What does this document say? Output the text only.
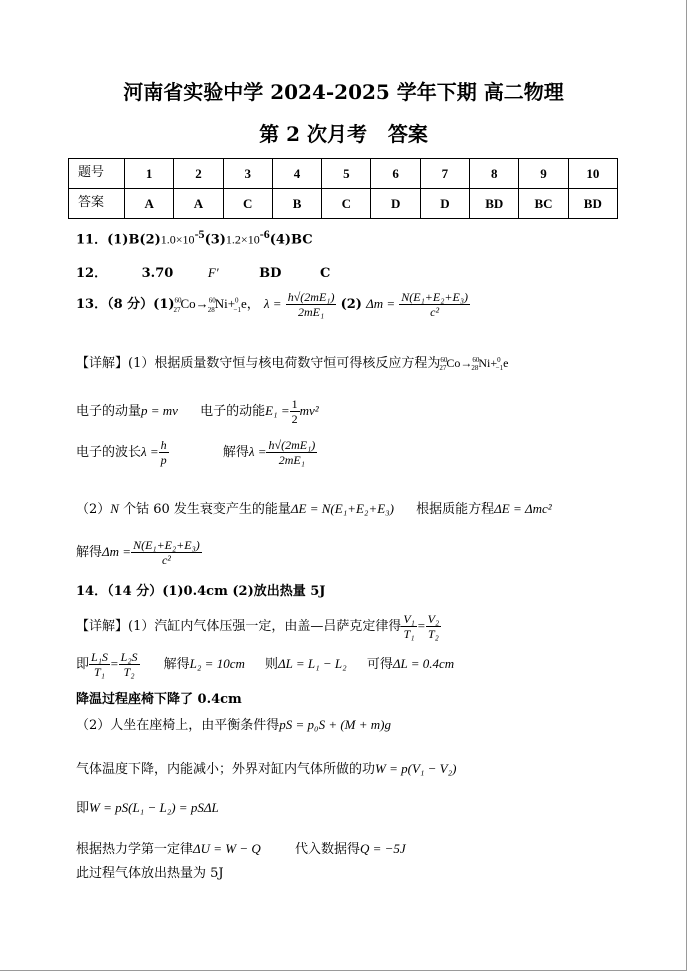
河南省实验中学 2024-2025 学年下期 高二物理
第 2 次月考   答案
题号	1	2	3	4	5	6	7	8	9	10
答案	A	A	C	B	C	D	D	BD	BC	BD
11．$(1)B(2)1.0\times 10^{-5}(3)1.2\times 10^{-6}(4)BC$
12．	3.70	F′	BD	C
13．（8 分）$(1)^{60}_{27}Co\to^{60}_{28}Ni+^0_{-1}e$， $\lambda = \frac{\text{h√(2mE₁)}}{\text{2mE₁}} (2) \Delta m = \frac{\text{N(E₁+E₂+E₃)}}{\text{c²}}$
【详解】(1）根据质量数守恒与核电荷数守恒可得核反应方程为$^{60}_{27}$Co→$^{60}_{28}$Ni+$^0_{-1}$e
电子的动量p = mv 电子的动能$E_1 = \frac{1}{2} mv^2$
电子的波长$\lambda = \frac{h}{p}$	解得$\lambda = \frac{\text{h√(2mE₁)}}{\text{2mE₁}}$
（2）N 个钴 60 发生衰变产生的能量ΔE = N(E₁+E₂+E₃) 根据质能方程ΔE = Δmc²
解得$\Delta m = \frac{\text{N(E₁+E₂+E₃)}}{\text{c²}}$
14．（14 分）(1)0.4cm (2)放出热量 5J
【详解】(1）汽缸内气体压强一定，由盖—吕萨克定律得 $\frac{\text{V₁}}{\text{T₁}} = \frac{\text{V₂}}{\text{T₂}}$
即 $\frac{\text{L₁S}}{\text{T₁}} = \frac{\text{L₂S}}{\text{T₂}}$ 解得L₂ = 10cm 则ΔL = L₁ − L₂ 可得ΔL = 0.4cm
降温过程座椅下降了 0.4cm
（2）人坐在座椅上，由平衡条件得pS = p₀S + (M + m)g
气体温度下降，内能减小；外界对缸内气体所做的功W = p(V₁ − V₂)
即W = pS(L₁ − L₂) = pSΔL
根据热力学第一定律ΔU = W − Q	代入数据得Q = −5J
此过程气体放出热量为 5J
